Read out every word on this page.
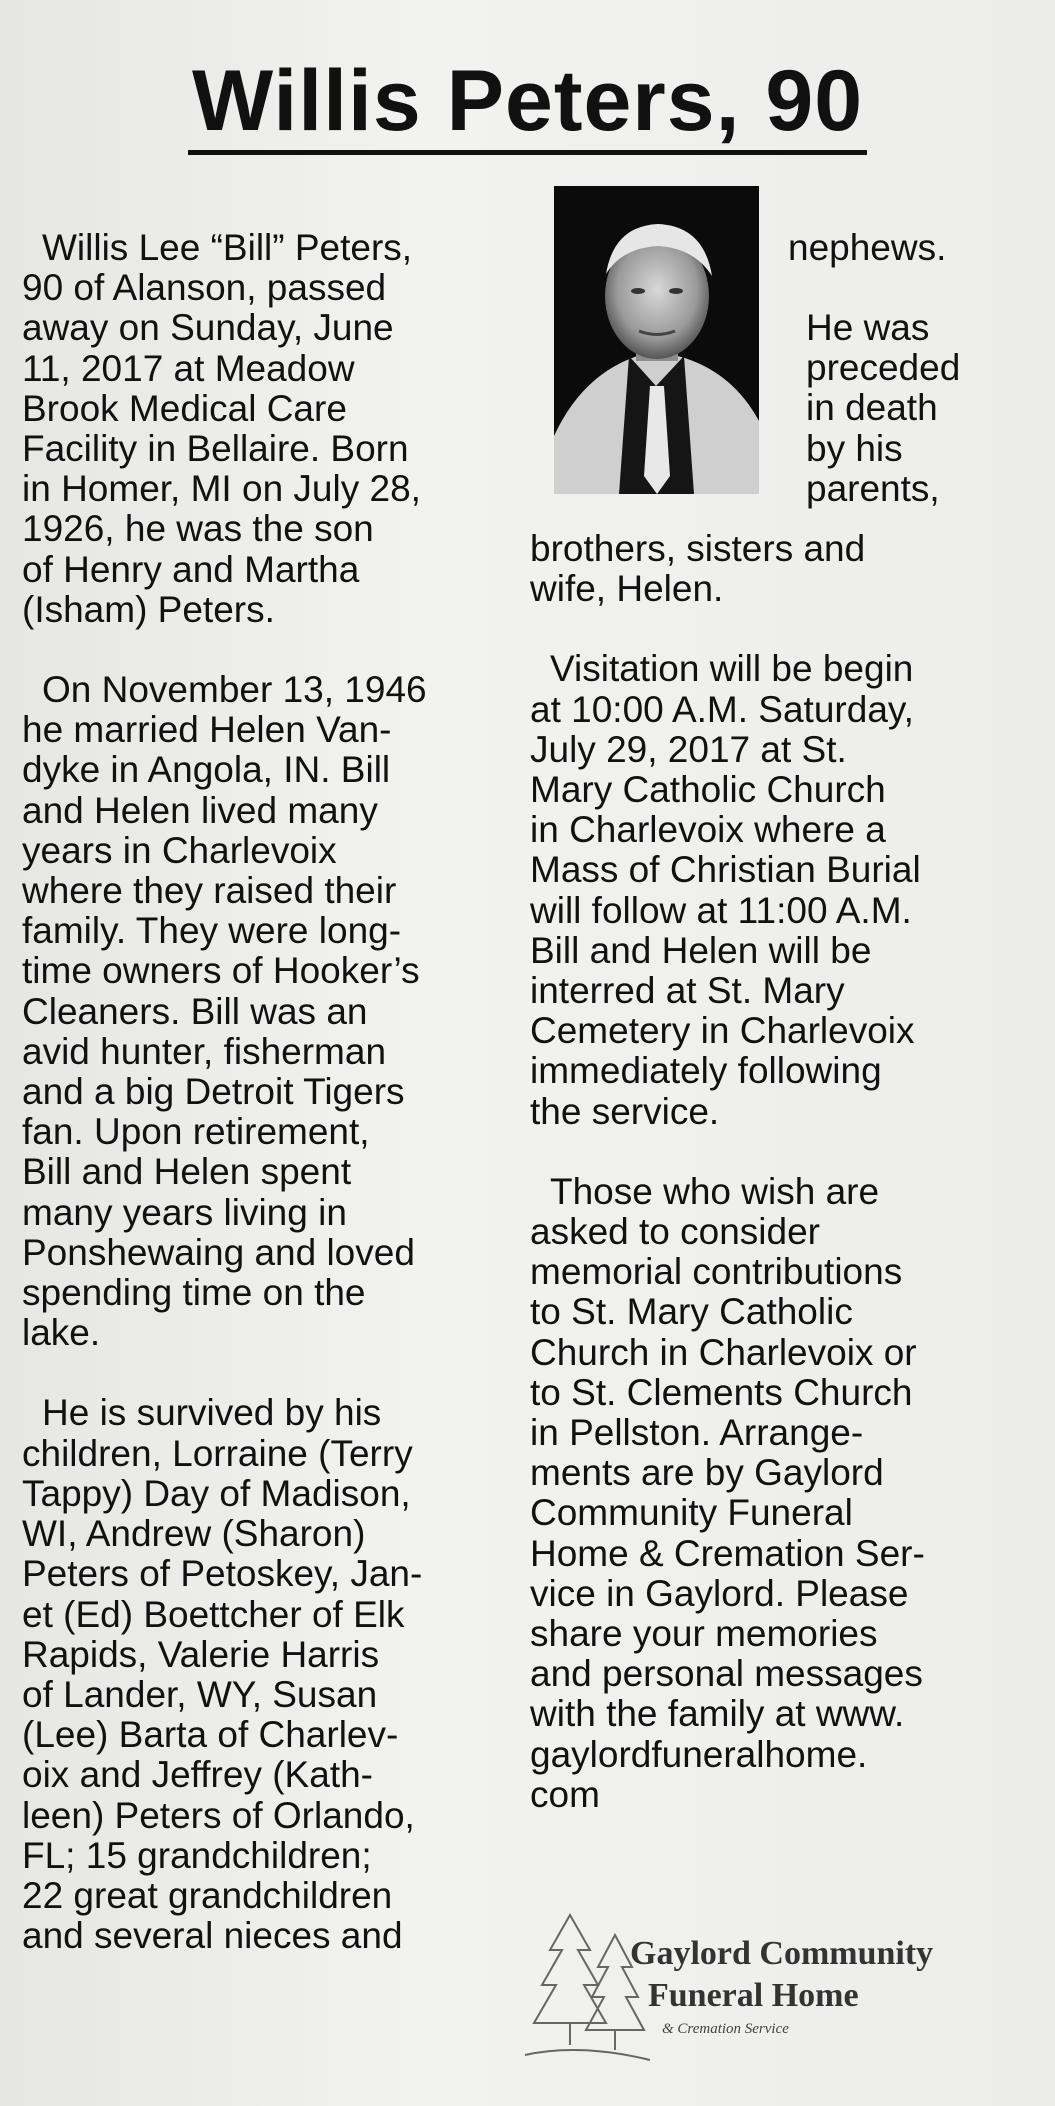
Willis Peters, 90

Willis Lee “Bill” Peters,
90 of Alanson, passed
away on Sunday, June
11, 2017 at Meadow
Brook Medical Care
Facility in Bellaire. Born
in Homer, MI on July 28,
1926, he was the son
of Henry and Martha
(Isham) Peters.

On November 13, 1946
he married Helen Van-
dyke in Angola, IN. Bill
and Helen lived many
years in Charlevoix
where they raised their
family. They were long-
time owners of Hooker’s
Cleaners. Bill was an
avid hunter, fisherman
and a big Detroit Tigers
fan. Upon retirement,
Bill and Helen spent
many years living in
Ponshewaing and loved
spending time on the
lake.

He is survived by his
children, Lorraine (Terry
Tappy) Day of Madison,
WI, Andrew (Sharon)
Peters of Petoskey, Jan-
et (Ed) Boettcher of Elk
Rapids, Valerie Harris
of Lander, WY, Susan
(Lee) Barta of Charlev-
oix and Jeffrey (Kath-
leen) Peters of Orlando,
FL; 15 grandchildren;
22 great grandchildren
and several nieces and

nephews.
He was
preceded
in death
by his
parents,

brothers, sisters and
wife, Helen.

Visitation will be begin
at 10:00 A.M. Saturday,
July 29, 2017 at St.
Mary Catholic Church
in Charlevoix where a
Mass of Christian Burial
will follow at 11:00 A.M.
Bill and Helen will be
interred at St. Mary
Cemetery in Charlevoix
immediately following
the service.

Those who wish are
asked to consider
memorial contributions
to St. Mary Catholic
Church in Charlevoix or
to St. Clements Church
in Pellston. Arrange-
ments are by Gaylord
Community Funeral
Home & Cremation Ser-
vice in Gaylord. Please
share your memories
and personal messages
with the family at www.
gaylordfuneralhome.
com

Gaylord Community
Funeral Home
& Cremation Service
